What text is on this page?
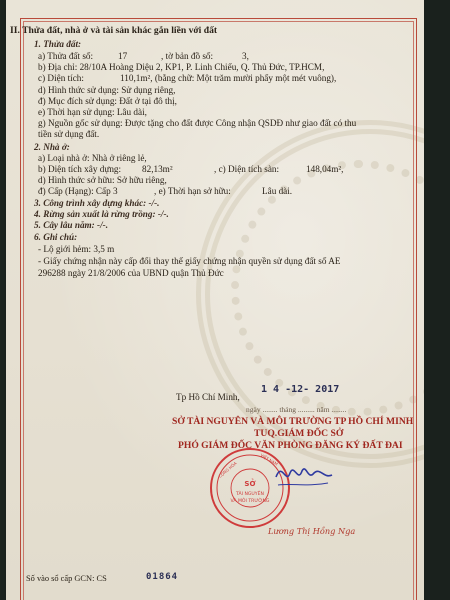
II. Thửa đất, nhà ở và tài sản khác gắn liền với đất
1. Thửa đất:
a) Thửa đất số:	17	, tờ bản đồ số:	3,
b) Địa chỉ: 28/10A Hoàng Diệu 2, KP1, P. Linh Chiểu, Q. Thủ Đức, TP.HCM,
c) Diện tích:	110,1m², (bằng chữ: Một trăm mười phẩy một mét vuông),
d) Hình thức sử dụng: Sử dụng riêng,
đ) Mục đích sử dụng: Đất ở tại đô thị,
e) Thời hạn sử dụng: Lâu dài,
g) Nguồn gốc sử dụng: Được tặng cho đất được Công nhận QSDĐ như giao đất có thu
tiền sử dụng đất.
2. Nhà ở:
a) Loại nhà ở: Nhà ở riêng lẻ,
b) Diện tích xây dựng: 82,13m²	, c) Diện tích sàn:	148,04m²,
d) Hình thức sở hữu: Sở hữu riêng,
đ) Cấp (Hạng): Cấp 3	, e) Thời hạn sở hữu:	Lâu dài.
3. Công trình xây dựng khác: -/-.
4. Rừng sản xuất là rừng trồng: -/-.
5. Cây lâu năm: -/-.
6. Ghi chú:
- Lộ giới hẻm: 3,5 m
- Giấy chứng nhận này cấp đổi thay thế giấy chứng nhận quyền sử dụng đất số AE
296288 ngày 21/8/2006 của UBND quận Thủ Đức
Tp Hồ Chí Minh,
1 4 -12- 2017
ngày ........ tháng ......... năm ........
SỞ TÀI NGUYÊN VÀ MÔI TRƯỜNG TP HỒ CHÍ MINH
TUQ.GIÁM ĐỐC SỞ
PHÓ GIÁM ĐỐC VĂN PHÒNG ĐĂNG KÝ ĐẤT ĐAI
SỞ
TÀI NGUYÊN
VÀ MÔI TRƯỜNG
CỘNG HÒA
VIỆT NAM
Lương Thị Hồng Nga
Số vào sổ cấp GCN: CS	01864
